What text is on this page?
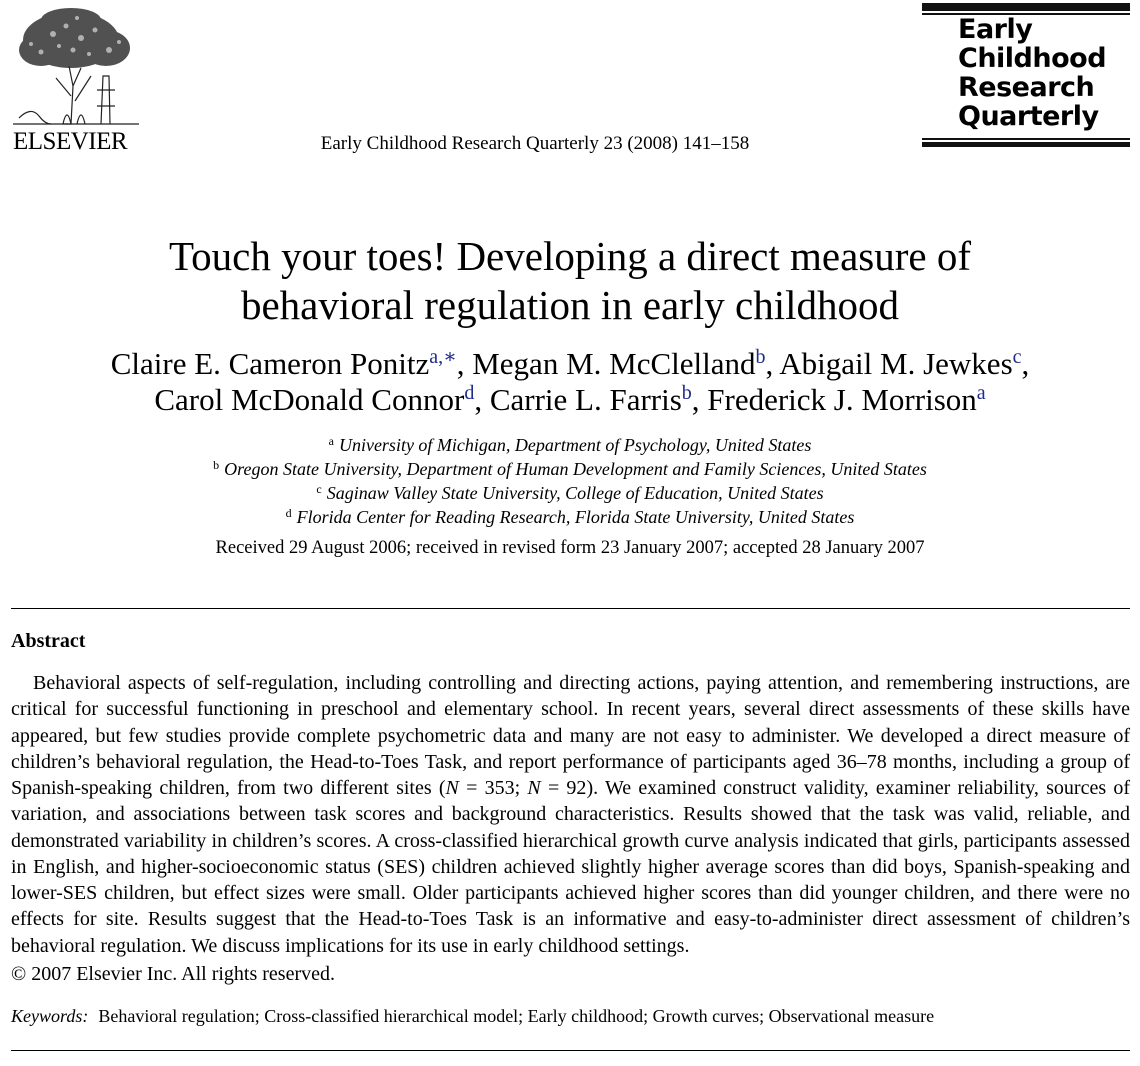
ELSEVIER	Early Childhood Research Quarterly 23 (2008) 141–158
Early
Childhood
Research
Quarterly
Touch your toes! Developing a direct measure of
behavioral regulation in early childhood
Claire E. Cameron Ponitz$^{a,∗}$, Megan M. McClelland$^b$, Abigail M. Jewkes$^c$,
Carol McDonald Connor$^d$, Carrie L. Farris$^b$, Frederick J. Morrison$^a$
$^a$ University of Michigan, Department of Psychology, United States
$^b$ Oregon State University, Department of Human Development and Family Sciences, United States
$^c$ Saginaw Valley State University, College of Education, United States
$^d$ Florida Center for Reading Research, Florida State University, United States
Received 29 August 2006; received in revised form 23 January 2007; accepted 28 January 2007
Abstract
Behavioral aspects of self-regulation, including controlling and directing actions, paying attention, and remembering instructions, are critical for successful functioning in preschool and elementary school. In recent years, several direct assessments of these skills have appeared, but few studies provide complete psychometric data and many are not easy to administer. We developed a direct measure of children’s behavioral regulation, the Head-to-Toes Task, and report performance of participants aged 36–78 months, including a group of Spanish-speaking children, from two different sites (N = 353; N = 92). We examined construct validity, examiner reliability, sources of variation, and associations between task scores and background characteristics. Results showed that the task was valid, reliable, and demonstrated variability in children’s scores. A cross-classified hierarchical growth curve analysis indicated that girls, participants assessed in English, and higher-socioeconomic status (SES) children achieved slightly higher average scores than did boys, Spanish-speaking and lower-SES children, but effect sizes were small. Older participants achieved higher scores than did younger children, and there were no effects for site. Results suggest that the Head-to-Toes Task is an informative and easy-to-administer direct assessment of children’s behavioral regulation. We discuss implications for its use in early childhood settings.
© 2007 Elsevier Inc. All rights reserved.
Keywords: Behavioral regulation; Cross-classified hierarchical model; Early childhood; Growth curves; Observational measure
